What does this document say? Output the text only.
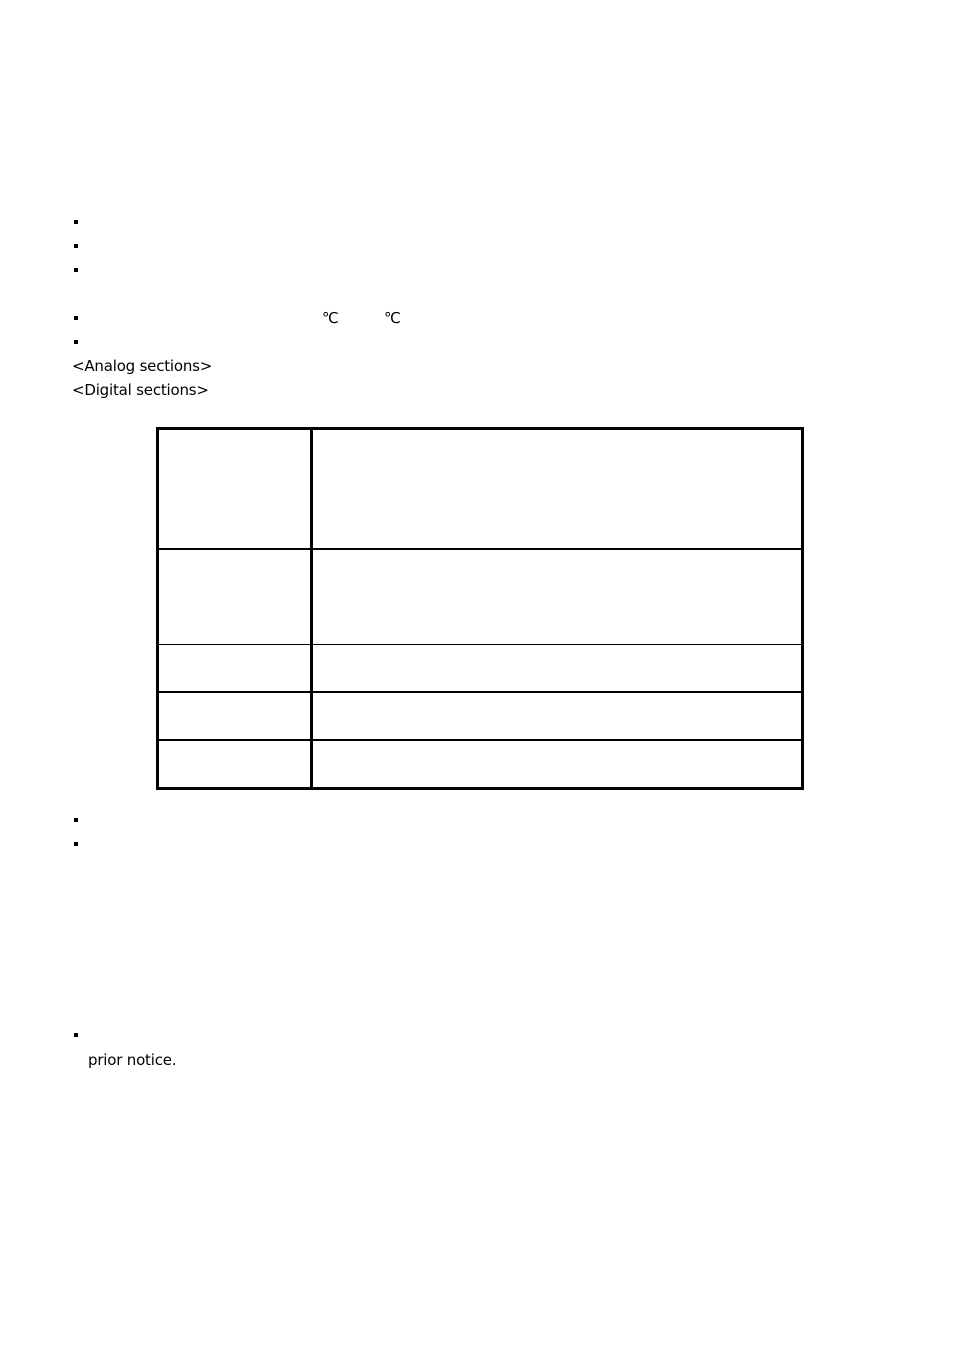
℃	℃
<Analog sections>
<Digital sections>

prior notice.
